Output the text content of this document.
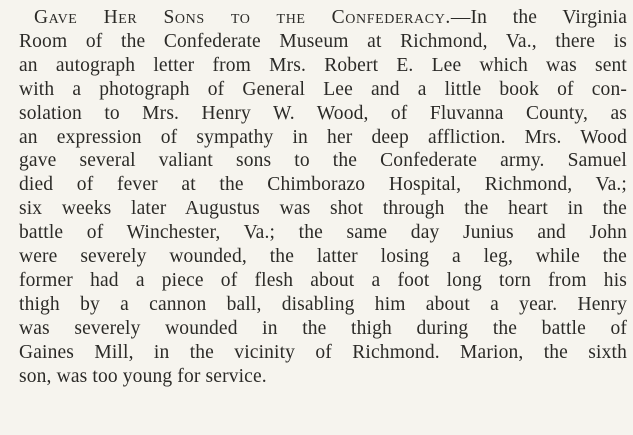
Gave Her Sons to the Confederacy.—In the Virginia
Room of the Confederate Museum at Richmond, Va., there is
an autograph letter from Mrs. Robert E. Lee which was sent
with a photograph of General Lee and a little book of con-
solation to Mrs. Henry W. Wood, of Fluvanna County, as
an expression of sympathy in her deep affliction. Mrs. Wood
gave several valiant sons to the Confederate army. Samuel
died of fever at the Chimborazo Hospital, Richmond, Va.;
six weeks later Augustus was shot through the heart in the
battle of Winchester, Va.; the same day Junius and John
were severely wounded, the latter losing a leg, while the
former had a piece of flesh about a foot long torn from his
thigh by a cannon ball, disabling him about a year. Henry
was severely wounded in the thigh during the battle of
Gaines Mill, in the vicinity of Richmond. Marion, the sixth
son, was too young for service.
